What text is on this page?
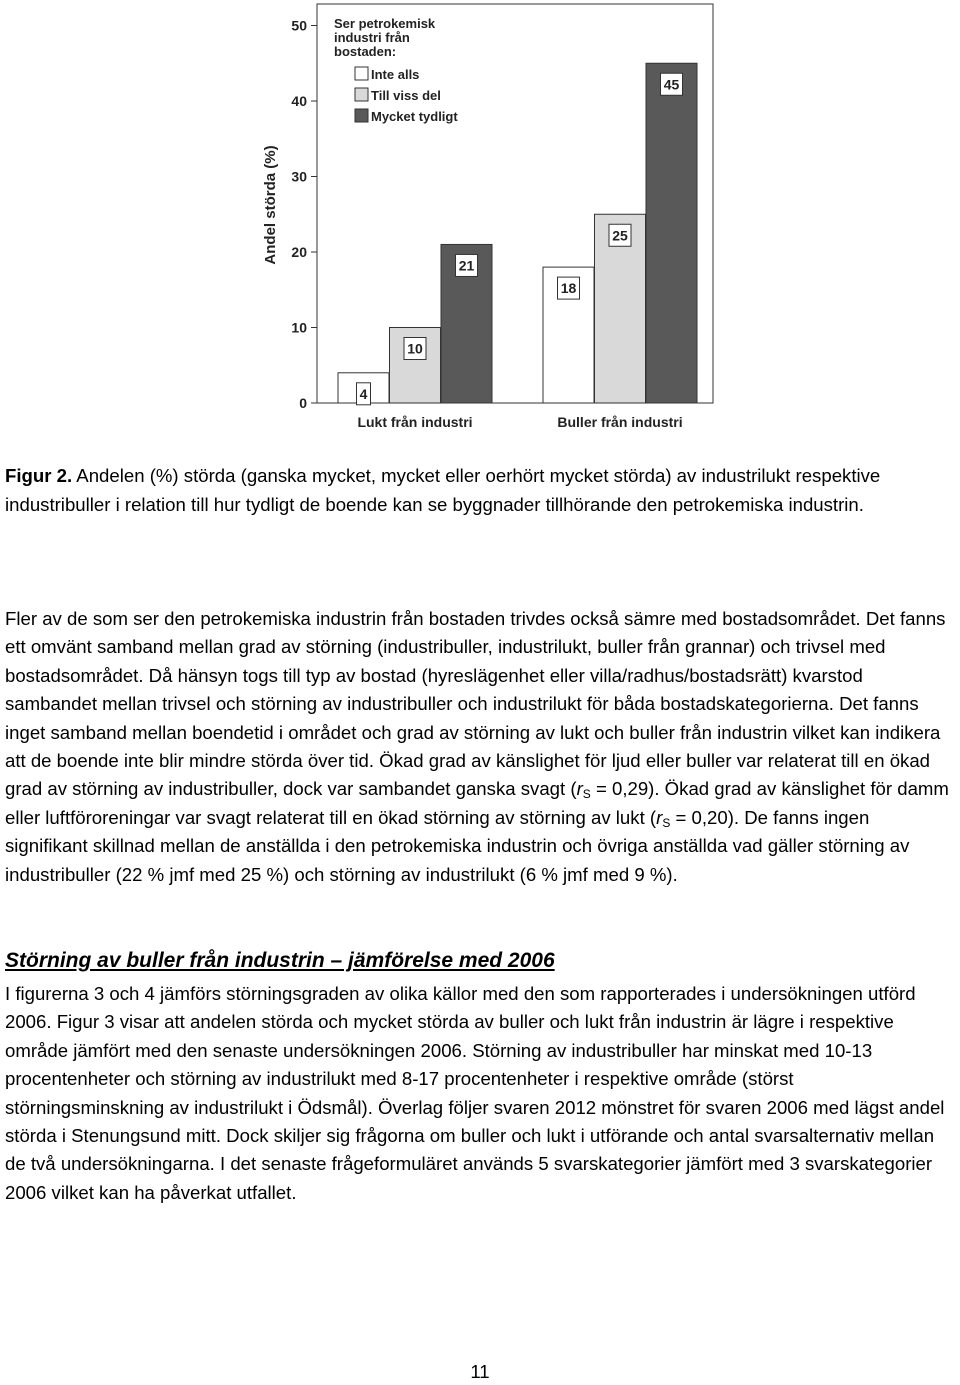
0
10
20
30
40
50
4
10
21
18
25
45
Lukt från industri	Buller från industri
Andel störda (%)
Ser petrokemisk
industri från
bostaden:
Inte alls
Till viss del
Mycket tydligt
Figur 2. Andelen (%) störda (ganska mycket, mycket eller oerhört mycket störda) av industrilukt respektive industribuller i relation till hur tydligt de boende kan se byggnader tillhörande den petrokemiska industrin.
Fler av de som ser den petrokemiska industrin från bostaden trivdes också sämre med bostadsområdet. Det fanns ett omvänt samband mellan grad av störning (industribuller, industrilukt, buller från grannar) och trivsel med bostadsområdet. Då hänsyn togs till typ av bostad (hyreslägenhet eller villa/radhus/bostadsrätt) kvarstod sambandet mellan trivsel och störning av industribuller och industrilukt för båda bostadskategorierna. Det fanns inget samband mellan boendetid i området och grad av störning av lukt och buller från industrin vilket kan indikera att de boende inte blir mindre störda över tid. Ökad grad av känslighet för ljud eller buller var relaterat till en ökad grad av störning av industribuller, dock var sambandet ganska svagt $(r_S = 0,29)$. Ökad grad av känslighet för damm eller luftföroreningar var svagt relaterat till en ökad störning av störning av lukt $(r_S = 0,20)$. De fanns ingen signifikant skillnad mellan de anställda i den petrokemiska industrin och övriga anställda vad gäller störning av industribuller (22 % jmf med 25 %) och störning av industrilukt (6 % jmf med 9 %).
Störning av buller från industrin – jämförelse med 2006
I figurerna 3 och 4 jämförs störningsgraden av olika källor med den som rapporterades i undersökningen utförd 2006. Figur 3 visar att andelen störda och mycket störda av buller och lukt från industrin är lägre i respektive område jämfört med den senaste undersökningen 2006. Störning av industribuller har minskat med 10-13 procentenheter och störning av industrilukt med 8-17 procentenheter i respektive område (störst störningsminskning av industrilukt i Ödsmål). Överlag följer svaren 2012 mönstret för svaren 2006 med lägst andel störda i Stenungsund mitt. Dock skiljer sig frågorna om buller och lukt i utförande och antal svarsalternativ mellan de två undersökningarna. I det senaste frågeformuläret används 5 svarskategorier jämfört med 3 svarskategorier 2006 vilket kan ha påverkat utfallet.
11
